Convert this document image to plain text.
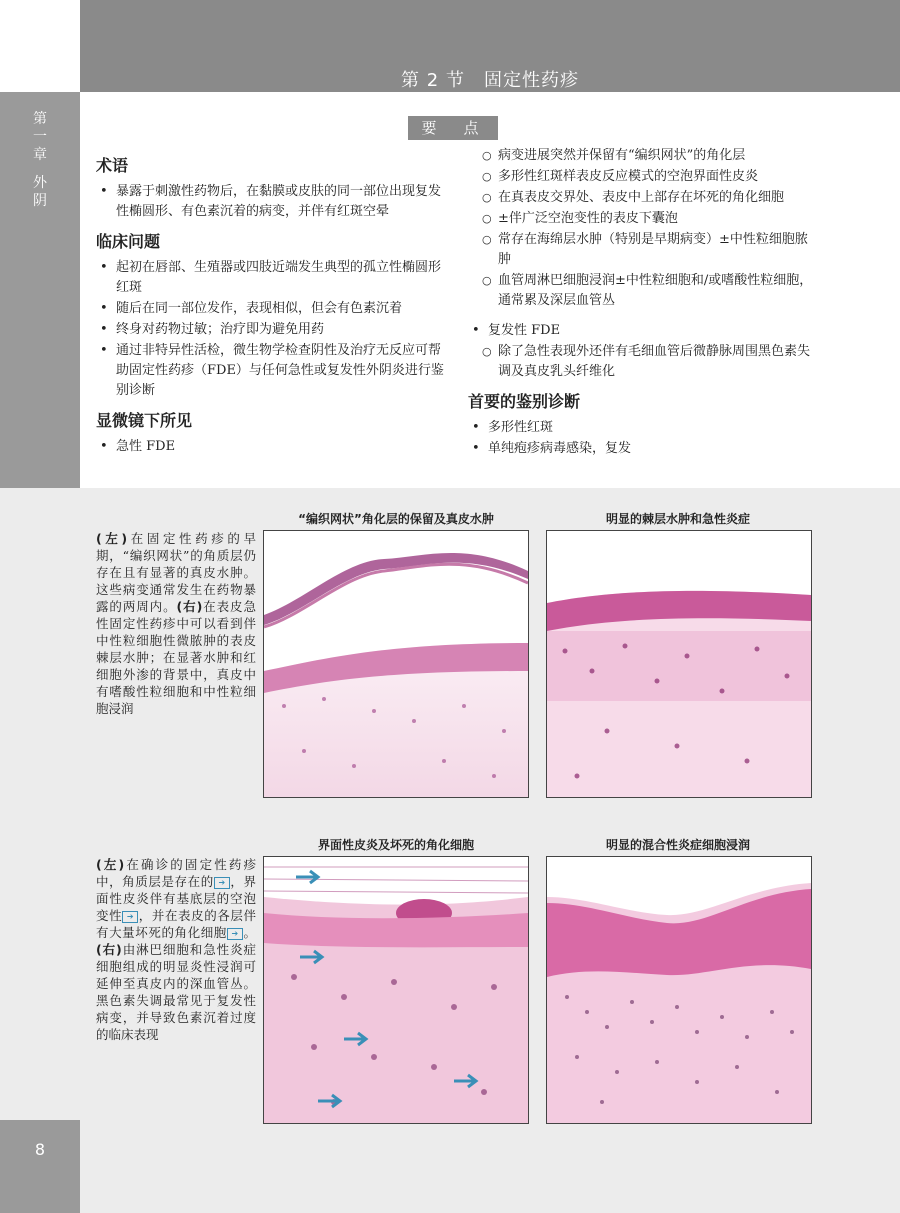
第 2 节　固定性药疹
第
一
章
外
阴
要　点
术语
• 暴露于刺激性药物后，在黏膜或皮肤的同一部位出现复发性椭圆形、有色素沉着的病变，并伴有红斑空晕
临床问题
• 起初在唇部、生殖器或四肢近端发生典型的孤立性椭圆形红斑
• 随后在同一部位发作，表现相似，但会有色素沉着
• 终身对药物过敏；治疗即为避免用药
• 通过非特异性活检，微生物学检查阴性及治疗无反应可帮助固定性药疹（FDE）与任何急性或复发性外阴炎进行鉴别诊断
显微镜下所见
• 急性 FDE
○ 病变进展突然并保留有“编织网状”的角化层
○ 多形性红斑样表皮反应模式的空泡界面性皮炎
○ 在真表皮交界处、表皮中上部存在坏死的角化细胞
○ ±伴广泛空泡变性的表皮下囊泡
○ 常存在海绵层水肿（特别是早期病变）±中性粒细胞脓肿
○ 血管周淋巴细胞浸润±中性粒细胞和/或嗜酸性粒细胞，通常累及深层血管丛
• 复发性 FDE
○ 除了急性表现外还伴有毛细血管后微静脉周围黑色素失调及真皮乳头纤维化
首要的鉴别诊断
• 多形性红斑
• 单纯疱疹病毒感染，复发
“编织网状”角化层的保留及真皮水肿	明显的棘层水肿和急性炎症
(左)在固定性药疹的早期，“编织网状”的角质层仍存在且有显著的真皮水肿。这些病变通常发生在药物暴露的两周内。(右)在表皮急性固定性药疹中可以看到伴中性粒细胞性微脓肿的表皮棘层水肿；在显著水肿和红细胞外渗的背景中，真皮中有嗜酸性粒细胞和中性粒细胞浸润
界面性皮炎及坏死的角化细胞	明显的混合性炎症细胞浸润
(左)在确诊的固定性药疹中，角质层是存在的 ➔ ，界面性皮炎伴有基底层的空泡变性 ➔ ，并在表皮的各层伴有大量坏死的角化细胞 ➔ 。(右)由淋巴细胞和急性炎症细胞组成的明显炎性浸润可延伸至真皮内的深血管丛。黑色素失调最常见于复发性病变，并导致色素沉着过度的临床表现
8
